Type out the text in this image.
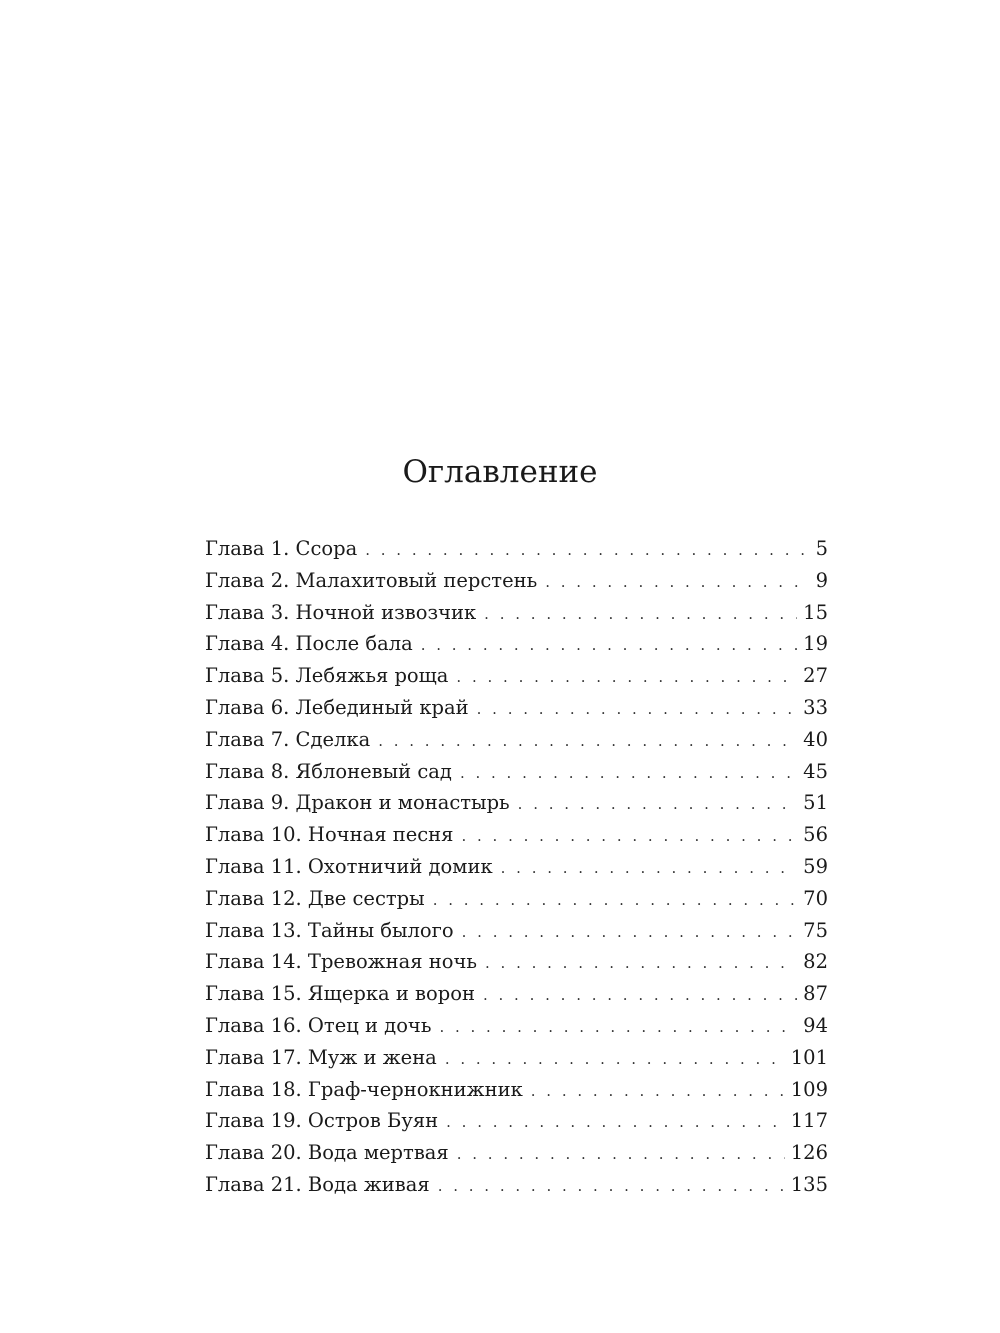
Оглавление
Глава 1. Ссора . . .	5
Глава 2. Малахитовый перстень . . .	9
Глава 3. Ночной извозчик . . .	15
Глава 4. После бала . . .	19
Глава 5. Лебяжья роща . . .	27
Глава 6. Лебединый край . . .	33
Глава 7. Сделка . . .	40
Глава 8. Яблоневый сад . . .	45
Глава 9. Дракон и монастырь . . .	51
Глава 10. Ночная песня . . .	56
Глава 11. Охотничий домик . . .	59
Глава 12. Две сестры . . .	70
Глава 13. Тайны былого . . .	75
Глава 14. Тревожная ночь . . .	82
Глава 15. Ящерка и ворон . . .	87
Глава 16. Отец и дочь . . .	94
Глава 17. Муж и жена . . .	101
Глава 18. Граф-чернокнижник . . .	109
Глава 19. Остров Буян . . .	117
Глава 20. Вода мертвая . . .	126
Глава 21. Вода живая . . .	135
